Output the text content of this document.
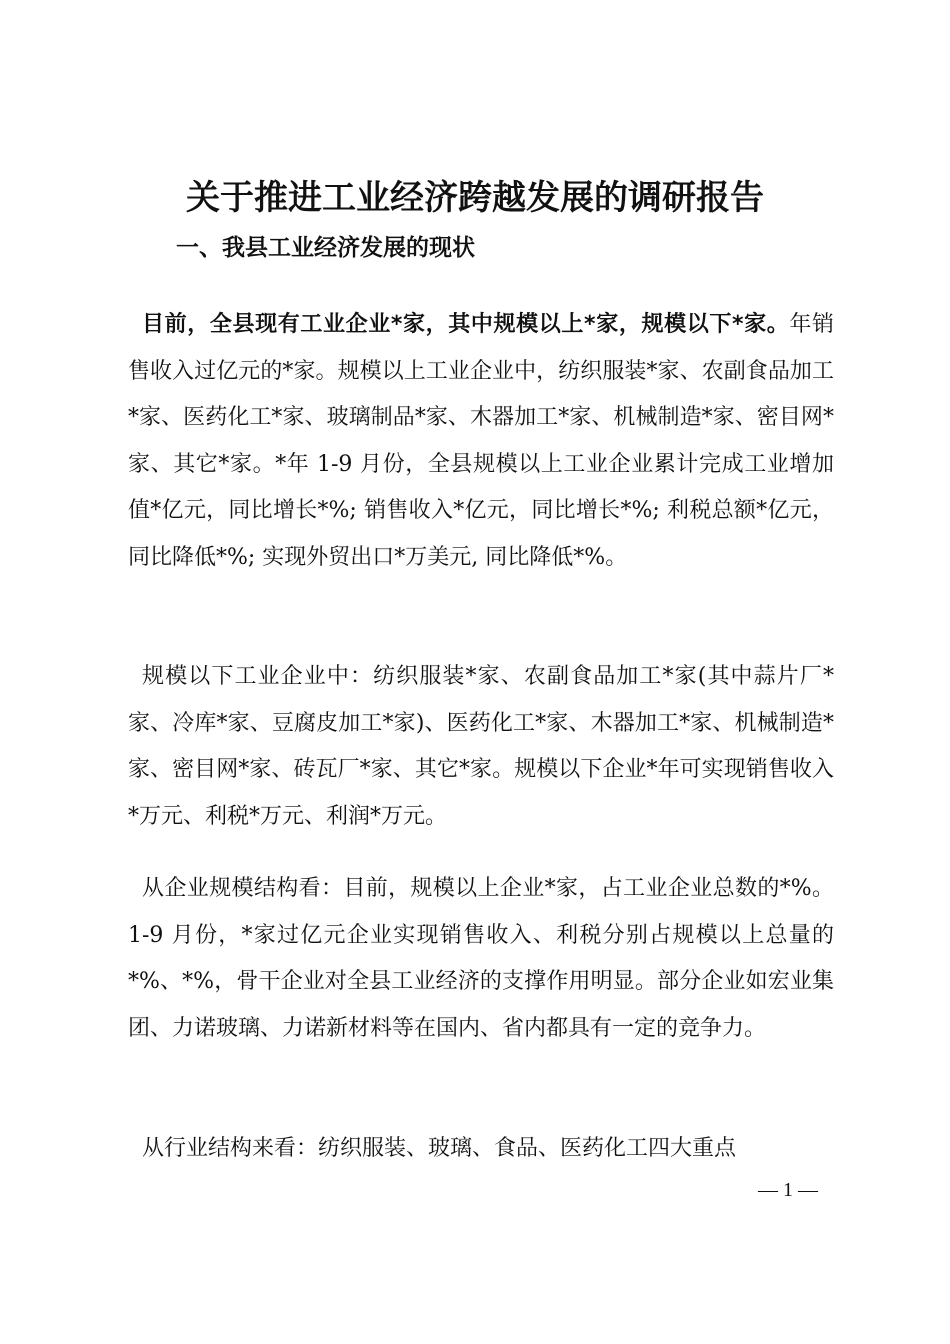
关于推进工业经济跨越发展的调研报告
一、我县工业经济发展的现状

目前，全县现有工业企业*家，其中规模以上*家，规模以下*家。年销售收入过亿元的*家。规模以上工业企业中，纺织服装*家、农副食品加工*家、医药化工*家、玻璃制品*家、木器加工*家、机械制造*家、密目网*家、其它*家。*年 1-9 月份，全县规模以上工业企业累计完成工业增加值*亿元，同比增长*%; 销售收入*亿元，同比增长*%; 利税总额*亿元，同比降低*%; 实现外贸出口*万美元, 同比降低*%。

规模以下工业企业中：纺织服装*家、农副食品加工*家(其中蒜片厂*家、冷库*家、豆腐皮加工*家)、医药化工*家、木器加工*家、机械制造*家、密目网*家、砖瓦厂*家、其它*家。规模以下企业*年可实现销售收入*万元、利税*万元、利润*万元。

从企业规模结构看：目前，规模以上企业*家，占工业企业总数的*%。1-9 月份，*家过亿元企业实现销售收入、利税分别占规模以上总量的*%、*%，骨干企业对全县工业经济的支撑作用明显。部分企业如宏业集团、力诺玻璃、力诺新材料等在国内、省内都具有一定的竞争力。

从行业结构来看：纺织服装、玻璃、食品、医药化工四大重点

— 1 —
